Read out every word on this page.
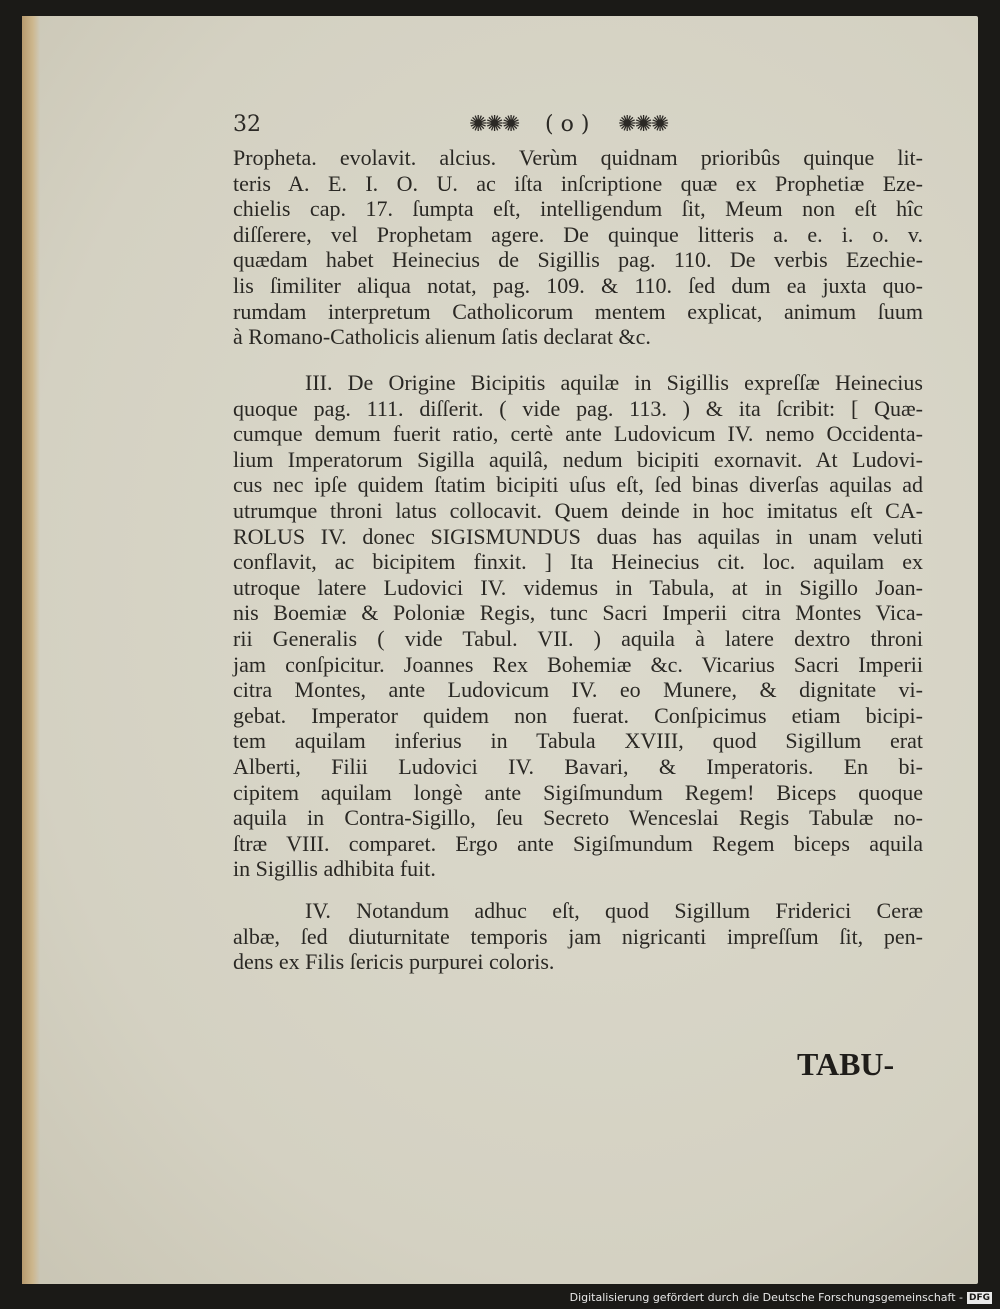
32	✺✺✺ ( o ) ✺✺✺
Propheta. evolavit. alcius. Verùm quidnam prioribûs quinque lit-
teris A. E. I. O. U. ac iſta inſcriptione quæ ex Prophetiæ Eze-
chielis cap. 17. ſumpta eſt, intelligendum ſit, Meum non eſt hîc
diſſerere, vel Prophetam agere. De quinque litteris a. e. i. o. v.
quædam habet Heinecius de Sigillis pag. 110. De verbis Ezechie-
lis ſimiliter aliqua notat, pag. 109. & 110. ſed dum ea juxta quo-
rumdam interpretum Catholicorum mentem explicat, animum ſuum
à Romano-Catholicis alienum ſatis declarat &c.
III. De Origine Bicipitis aquilæ in Sigillis expreſſæ Heinecius
quoque pag. 111. diſſerit. ( vide pag. 113. ) & ita ſcribit: [ Quæ-
cumque demum fuerit ratio, certè ante Ludovicum IV. nemo Occidenta-
lium Imperatorum Sigilla aquilâ, nedum bicipiti exornavit. At Ludovi-
cus nec ipſe quidem ſtatim bicipiti uſus eſt, ſed binas diverſas aquilas ad
utrumque throni latus collocavit. Quem deinde in hoc imitatus eſt CA-
ROLUS IV. donec SIGISMUNDUS duas has aquilas in unam veluti
conflavit, ac bicipitem finxit. ] Ita Heinecius cit. loc. aquilam ex
utroque latere Ludovici IV. videmus in Tabula, at in Sigillo Joan-
nis Boemiæ & Poloniæ Regis, tunc Sacri Imperii citra Montes Vica-
rii Generalis ( vide Tabul. VII. ) aquila à latere dextro throni
jam conſpicitur. Joannes Rex Bohemiæ &c. Vicarius Sacri Imperii
citra Montes, ante Ludovicum IV. eo Munere, & dignitate vi-
gebat. Imperator quidem non fuerat. Conſpicimus etiam bicipi-
tem aquilam inferius in Tabula XVIII, quod Sigillum erat
Alberti, Filii Ludovici IV. Bavari, & Imperatoris. En bi-
cipitem aquilam longè ante Sigiſmundum Regem! Biceps quoque
aquila in Contra-Sigillo, ſeu Secreto Wenceslai Regis Tabulæ no-
ſtræ VIII. comparet. Ergo ante Sigiſmundum Regem biceps aquila
in Sigillis adhibita fuit.
IV. Notandum adhuc eſt, quod Sigillum Friderici Ceræ
albæ, ſed diuturnitate temporis jam nigricanti impreſſum ſit, pen-
dens ex Filis ſericis purpurei coloris.
TABU-
Digitalisierung gefördert durch die Deutsche Forschungsgemeinschaft - DFG
